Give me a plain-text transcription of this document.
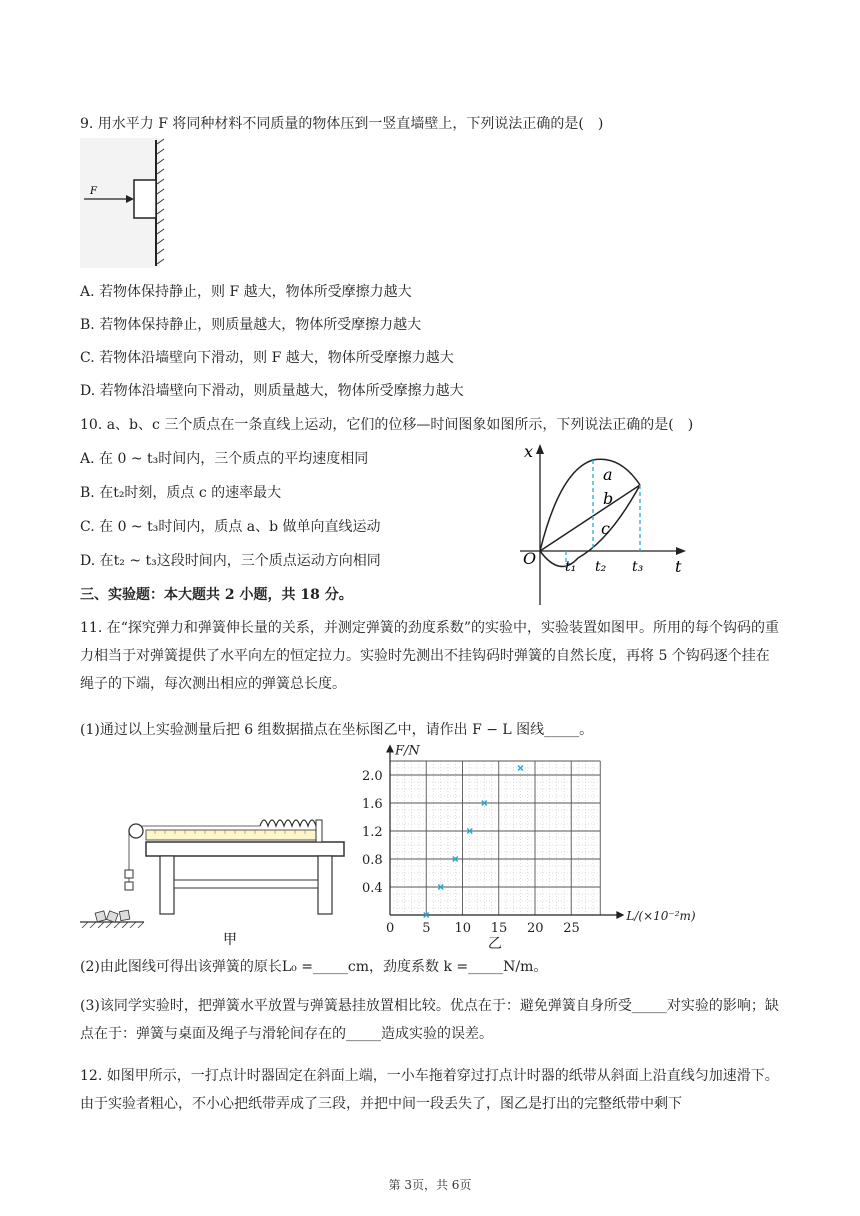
9. 用水平力 F 将同种材料不同质量的物体压到一竖直墙壁上，下列说法正确的是(　)
F
A. 若物体保持静止，则 F 越大，物体所受摩擦力越大
B. 若物体保持静止，则质量越大，物体所受摩擦力越大
C. 若物体沿墙壁向下滑动，则 F 越大，物体所受摩擦力越大
D. 若物体沿墙壁向下滑动，则质量越大，物体所受摩擦力越大
10. a、b、c 三个质点在一条直线上运动，它们的位移—时间图象如图所示，下列说法正确的是(　)
A. 在 0 ~ t₃时间内，三个质点的平均速度相同
B. 在t₂时刻，质点 c 的速率最大
C. 在 0 ~ t₃时间内，质点 a、b 做单向直线运动
D. 在t₂ ~ t₃这段时间内，三个质点运动方向相同
x
t
O
a
b
c
t₁ t₂ t₃
三、实验题：本大题共 2 小题，共 18 分。
11. 在“探究弹力和弹簧伸长量的关系，并测定弹簧的劲度系数”的实验中，实验装置如图甲。所用的每个钩码的重力相当于对弹簧提供了水平向左的恒定拉力。实验时先测出不挂钩码时弹簧的自然长度，再将 5 个钩码逐个挂在绳子的下端，每次测出相应的弹簧总长度。
(1)通过以上实验测量后把 6 组数据描点在坐标图乙中，请作出 F − L 图线_____。
甲
0 5 10 15 20 25
0.4
0.8
1.2
1.6
2.0
F/N
L/(×10⁻²m)
乙
(2)由此图线可得出该弹簧的原长L₀ =_____cm，劲度系数 k =_____N/m。
(3)该同学实验时，把弹簧水平放置与弹簧悬挂放置相比较。优点在于：避免弹簧自身所受_____对实验的影响；缺点在于：弹簧与桌面及绳子与滑轮间存在的_____造成实验的误差。
12. 如图甲所示，一打点计时器固定在斜面上端，一小车拖着穿过打点计时器的纸带从斜面上沿直线匀加速滑下。由于实验者粗心，不小心把纸带弄成了三段，并把中间一段丢失了，图乙是打出的完整纸带中剩下
第 3页，共 6页
